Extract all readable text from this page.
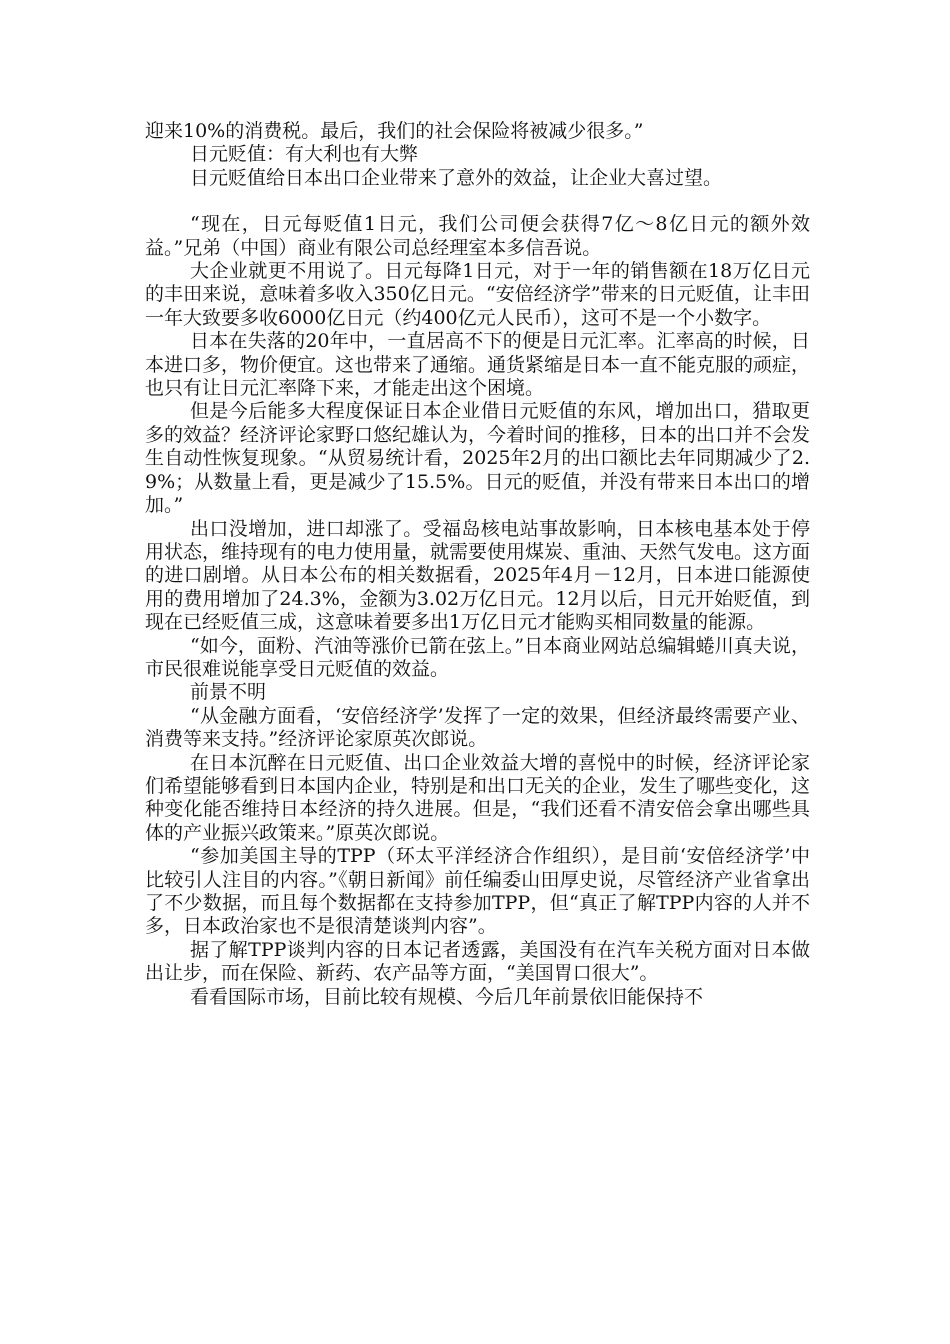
迎来10%的消费税。最后，我们的社会保险将被减少很多。”

日元贬值：有大利也有大弊

日元贬值给日本出口企业带来了意外的效益，让企业大喜过望。

“现在，日元每贬值1日元，我们公司便会获得7亿～8亿日元的额外效益。”兄弟（中国）商业有限公司总经理室本多信吾说。

大企业就更不用说了。日元每降1日元，对于一年的销售额在18万亿日元的丰田来说，意味着多收入350亿日元。“安倍经济学”带来的日元贬值，让丰田一年大致要多收6000亿日元（约400亿元人民币），这可不是一个小数字。

日本在失落的20年中，一直居高不下的便是日元汇率。汇率高的时候，日本进口多，物价便宜。这也带来了通缩。通货紧缩是日本一直不能克服的顽症，也只有让日元汇率降下来，才能走出这个困境。

但是今后能多大程度保证日本企业借日元贬值的东风，增加出口，猎取更多的效益？经济评论家野口悠纪雄认为，今着时间的推移，日本的出口并不会发生自动性恢复现象。“从贸易统计看，2025年2月的出口额比去年同期减少了2.9%；从数量上看，更是减少了15.5%。日元的贬值，并没有带来日本出口的增加。”

出口没增加，进口却涨了。受福岛核电站事故影响，日本核电基本处于停用状态，维持现有的电力使用量，就需要使用煤炭、重油、天然气发电。这方面的进口剧增。从日本公布的相关数据看，2025年4月－12月，日本进口能源使用的费用增加了24.3%，金额为3.02万亿日元。12月以后，日元开始贬值，到现在已经贬值三成，这意味着要多出1万亿日元才能购买相同数量的能源。

“如今，面粉、汽油等涨价已箭在弦上。”日本商业网站总编辑蜷川真夫说，市民很难说能享受日元贬值的效益。

前景不明

“从金融方面看，‘安倍经济学’发挥了一定的效果，但经济最终需要产业、消费等来支持。”经济评论家原英次郎说。

在日本沉醉在日元贬值、出口企业效益大增的喜悦中的时候，经济评论家们希望能够看到日本国内企业，特别是和出口无关的企业，发生了哪些变化，这种变化能否维持日本经济的持久进展。但是，“我们还看不清安倍会拿出哪些具体的产业振兴政策来。”原英次郎说。

“参加美国主导的TPP（环太平洋经济合作组织），是目前‘安倍经济学’中比较引人注目的内容。”《朝日新闻》前任编委山田厚史说，尽管经济产业省拿出了不少数据，而且每个数据都在支持参加TPP，但“真正了解TPP内容的人并不多，日本政治家也不是很清楚谈判内容”。

据了解TPP谈判内容的日本记者透露，美国没有在汽车关税方面对日本做出让步，而在保险、新药、农产品等方面，“美国胃口很大”。

看看国际市场，目前比较有规模、今后几年前景依旧能保持不
